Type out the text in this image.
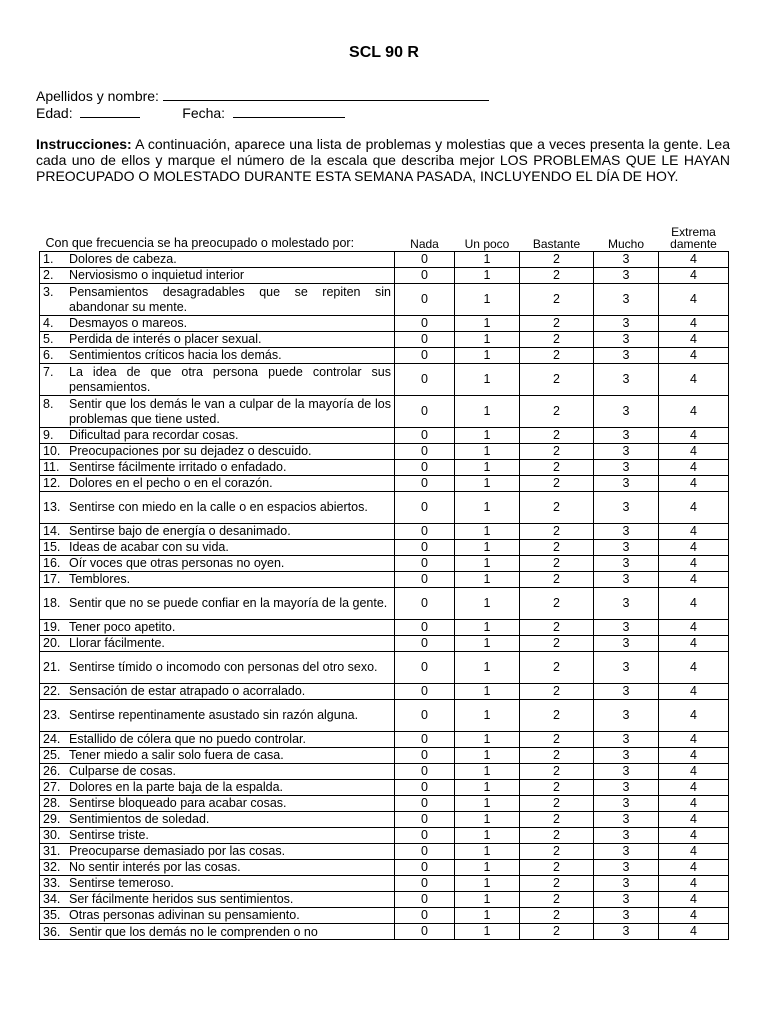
SCL 90 R
Apellidos y nombre:
Edad:	Fecha:
Instrucciones: A continuación, aparece una lista de problemas y molestias que a veces presenta la gente. Lea cada uno de ellos y marque el número de la escala que describa mejor LOS PROBLEMAS QUE LE HAYAN PREOCUPADO O MOLESTADO DURANTE ESTA SEMANA PASADA, INCLUYENDO EL DÍA DE HOY.
Con que frecuencia se ha preocupado o molestado por:	Nada	Un poco	Bastante	Mucho	Extrema damente

1. Dolores de cabeza.	0	1	2	3	4

2. Nerviosismo o inquietud interior	0	1	2	3	4

3. Pensamientos desagradables que se repiten sin abandonar su mente.	0	1	2	3	4

4. Desmayos o mareos.	0	1	2	3	4

5. Perdida de interés o placer sexual.	0	1	2	3	4

6. Sentimientos críticos hacia los demás.	0	1	2	3	4

7. La idea de que otra persona puede controlar sus pensamientos.	0	1	2	3	4

8. Sentir que los demás le van a culpar de la mayoría de los problemas que tiene usted.	0	1	2	3	4

9. Dificultad para recordar cosas.	0	1	2	3	4

10. Preocupaciones por su dejadez o descuido.	0	1	2	3	4

11. Sentirse fácilmente irritado o enfadado.	0	1	2	3	4

12. Dolores en el pecho o en el corazón.	0	1	2	3	4

13. Sentirse con miedo en la calle o en espacios abiertos.	0	1	2	3	4

14. Sentirse bajo de energía o desanimado.	0	1	2	3	4

15. Ideas de acabar con su vida.	0	1	2	3	4

16. Oír voces que otras personas no oyen.	0	1	2	3	4

17. Temblores.	0	1	2	3	4

18. Sentir que no se puede confiar en la mayoría de la gente.	0	1	2	3	4

19. Tener poco apetito.	0	1	2	3	4

20. Llorar fácilmente.	0	1	2	3	4

21. Sentirse tímido o incomodo con personas del otro sexo.	0	1	2	3	4

22. Sensación de estar atrapado o acorralado.	0	1	2	3	4

23. Sentirse repentinamente asustado sin razón alguna.	0	1	2	3	4

24. Estallido de cólera que no puedo controlar.	0	1	2	3	4

25. Tener miedo a salir solo fuera de casa.	0	1	2	3	4

26. Culparse de cosas.	0	1	2	3	4

27. Dolores en la parte baja de la espalda.	0	1	2	3	4

28. Sentirse bloqueado para acabar cosas.	0	1	2	3	4

29. Sentimientos de soledad.	0	1	2	3	4

30. Sentirse triste.	0	1	2	3	4

31. Preocuparse demasiado por las cosas.	0	1	2	3	4

32. No sentir interés por las cosas.	0	1	2	3	4

33. Sentirse temeroso.	0	1	2	3	4

34. Ser fácilmente heridos sus sentimientos.	0	1	2	3	4

35. Otras personas adivinan su pensamiento.	0	1	2	3	4

36. Sentir que los demás no le comprenden o no	0	1	2	3	4
